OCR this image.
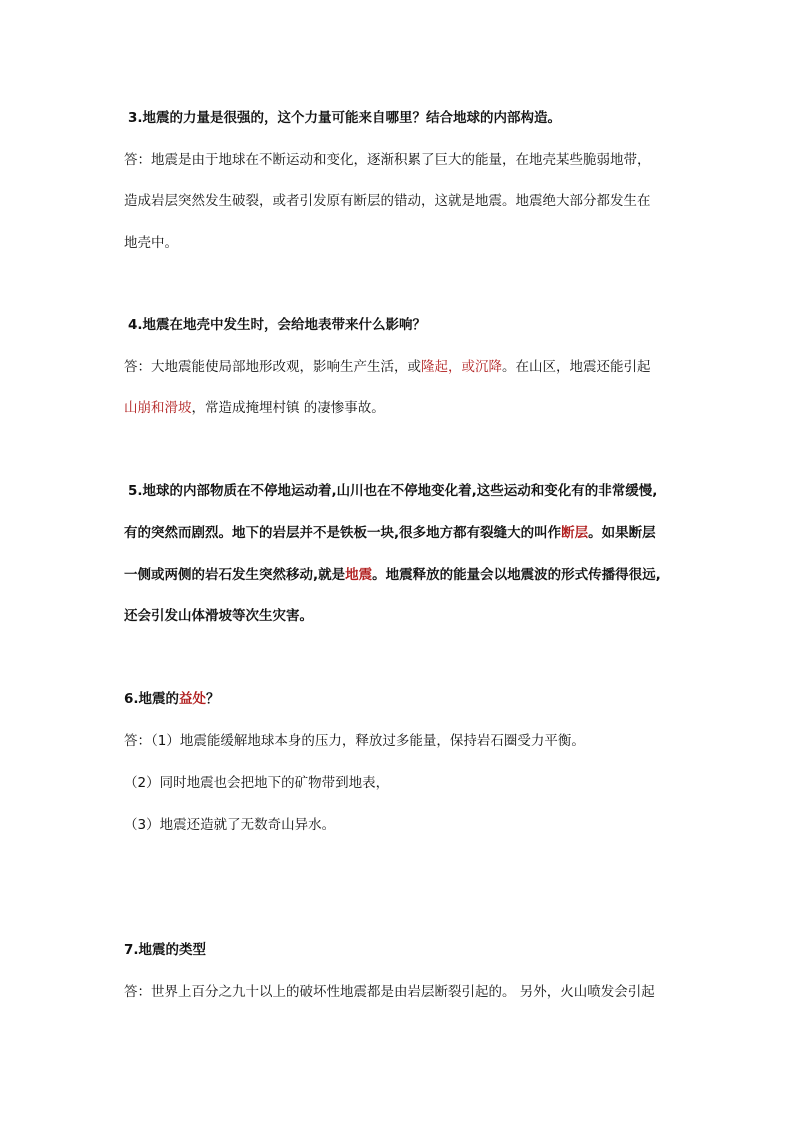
3.地震的力量是很强的，这个力量可能来自哪里？结合地球的内部构造。
答：地震是由于地球在不断运动和变化，逐渐积累了巨大的能量，在地壳某些脆弱地带，
造成岩层突然发生破裂，或者引发原有断层的错动，这就是地震。地震绝大部分都发生在
地壳中。
4.地震在地壳中发生时，会给地表带来什么影响？
答：大地震能使局部地形改观，影响生产生活，或隆起，或沉降。在山区，地震还能引起
山崩和滑坡，常造成掩埋村镇 的凄惨事故。
5.地球的内部物质在不停地运动着,山川也在不停地变化着,这些运动和变化有的非常缓慢,
有的突然而剧烈。地下的岩层并不是铁板一块,很多地方都有裂缝大的叫作断层。如果断层
一侧或两侧的岩石发生突然移动,就是地震。地震释放的能量会以地震波的形式传播得很远,
还会引发山体滑坡等次生灾害。
6.地震的益处？
答：（1）地震能缓解地球本身的压力，释放过多能量，保持岩石圈受力平衡。
（2）同时地震也会把地下的矿物带到地表，
（3）地震还造就了无数奇山异水。
7.地震的类型
答：世界上百分之九十以上的破坏性地震都是由岩层断裂引起的。 另外，火山喷发会引起
